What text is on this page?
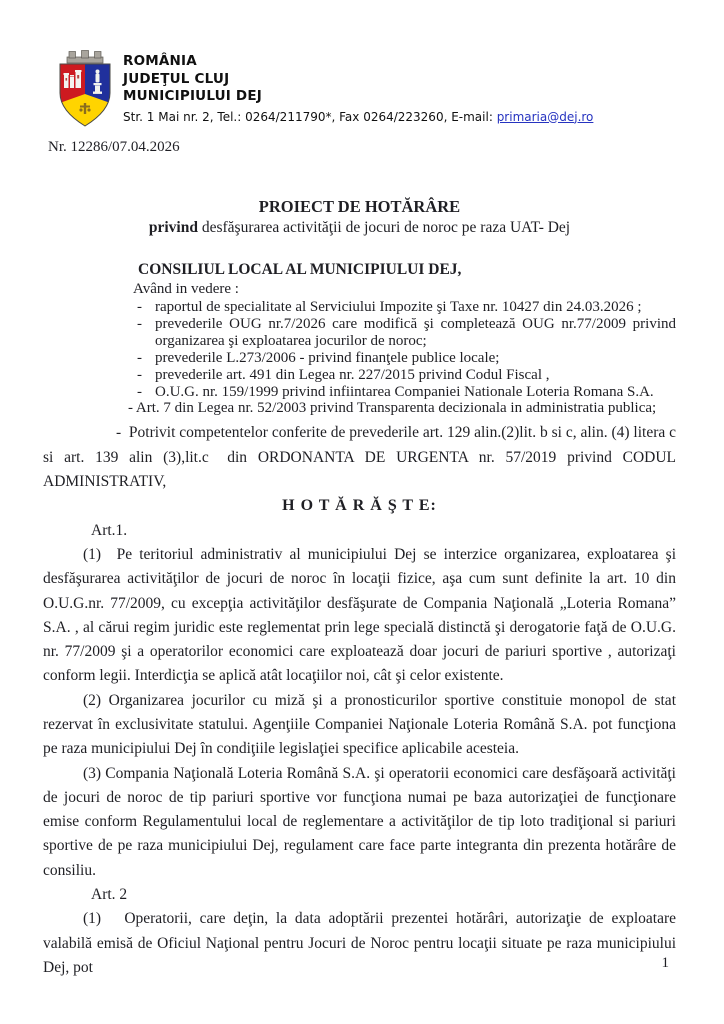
ROMÂNIA
JUDEŢUL CLUJ
MUNICIPIULUI DEJ
Str. 1 Mai nr. 2, Tel.: 0264/211790*, Fax 0264/223260, E-mail: primaria@dej.ro
Nr. 12286/07.04.2026
PROIECT DE HOTĂRÂRE
privind desfăşurarea activităţii de jocuri de noroc pe raza UAT- Dej
CONSILIUL LOCAL AL MUNICIPIULUI DEJ,
Având in vedere :
- raportul de specialitate al Serviciului Impozite şi Taxe nr. 10427 din 24.03.2026 ;
- prevederile OUG nr.7/2026 care modifică şi completează OUG nr.77/2009 privind organizarea şi exploatarea jocurilor de noroc;
- prevederile L.273/2006 - privind finanţele publice locale;
- prevederile art. 491 din Legea nr. 227/2015 privind Codul Fiscal ,
- O.U.G. nr. 159/1999 privind infiintarea Companiei Nationale Loteria Romana S.A.
- Art. 7 din Legea nr. 52/2003 privind Transparenta decizionala in administratia publica;
- Potrivit competentelor conferite de prevederile art. 129 alin.(2)lit. b si c, alin. (4) litera c si art. 139 alin (3),lit.c  din ORDONANTA DE URGENTA nr. 57/2019 privind CODUL ADMINISTRATIV,
H O T Ă R Ă Ş T E:
Art.1.

(1) Pe teritoriul administrativ al municipiului Dej se interzice organizarea, exploatarea şi desfăşurarea activităţilor de jocuri de noroc în locaţii fizice, aşa cum sunt definite la art. 10 din O.U.G.nr. 77/2009, cu excepţia activităţilor desfăşurate de Compania Naţională „Loteria Romana” S.A. , al cărui regim juridic este reglementat prin lege specială distinctă şi derogatorie faţă de O.U.G. nr. 77/2009 şi a operatorilor economici care exploatează doar jocuri de pariuri sportive , autorizaţi conform legii. Interdicţia se aplică atât locaţiilor noi, cât şi celor existente.

(2) Organizarea jocurilor cu miză şi a pronosticurilor sportive constituie monopol de stat rezervat în exclusivitate statului. Agenţiile Companiei Naţionale Loteria Română S.A. pot funcţiona pe raza municipiului Dej în condiţiile legislaţiei specifice aplicabile acesteia.

(3) Compania Naţională Loteria Română S.A. şi operatorii economici care desfăşoară activităţi de jocuri de noroc de tip pariuri sportive vor funcţiona numai pe baza autorizaţiei de funcţionare emise conform Regulamentului local de reglementare a activităţilor de tip loto tradiţional si pariuri sportive de pe raza municipiului Dej, regulament care face parte integranta din prezenta hotărâre de consiliu.

Art. 2

(1)  Operatorii, care deţin, la data adoptării prezentei hotărâri, autorizaţie de exploatare valabilă emisă de Oficiul Naţional pentru Jocuri de Noroc pentru locaţii situate pe raza municipiului Dej, pot	1
